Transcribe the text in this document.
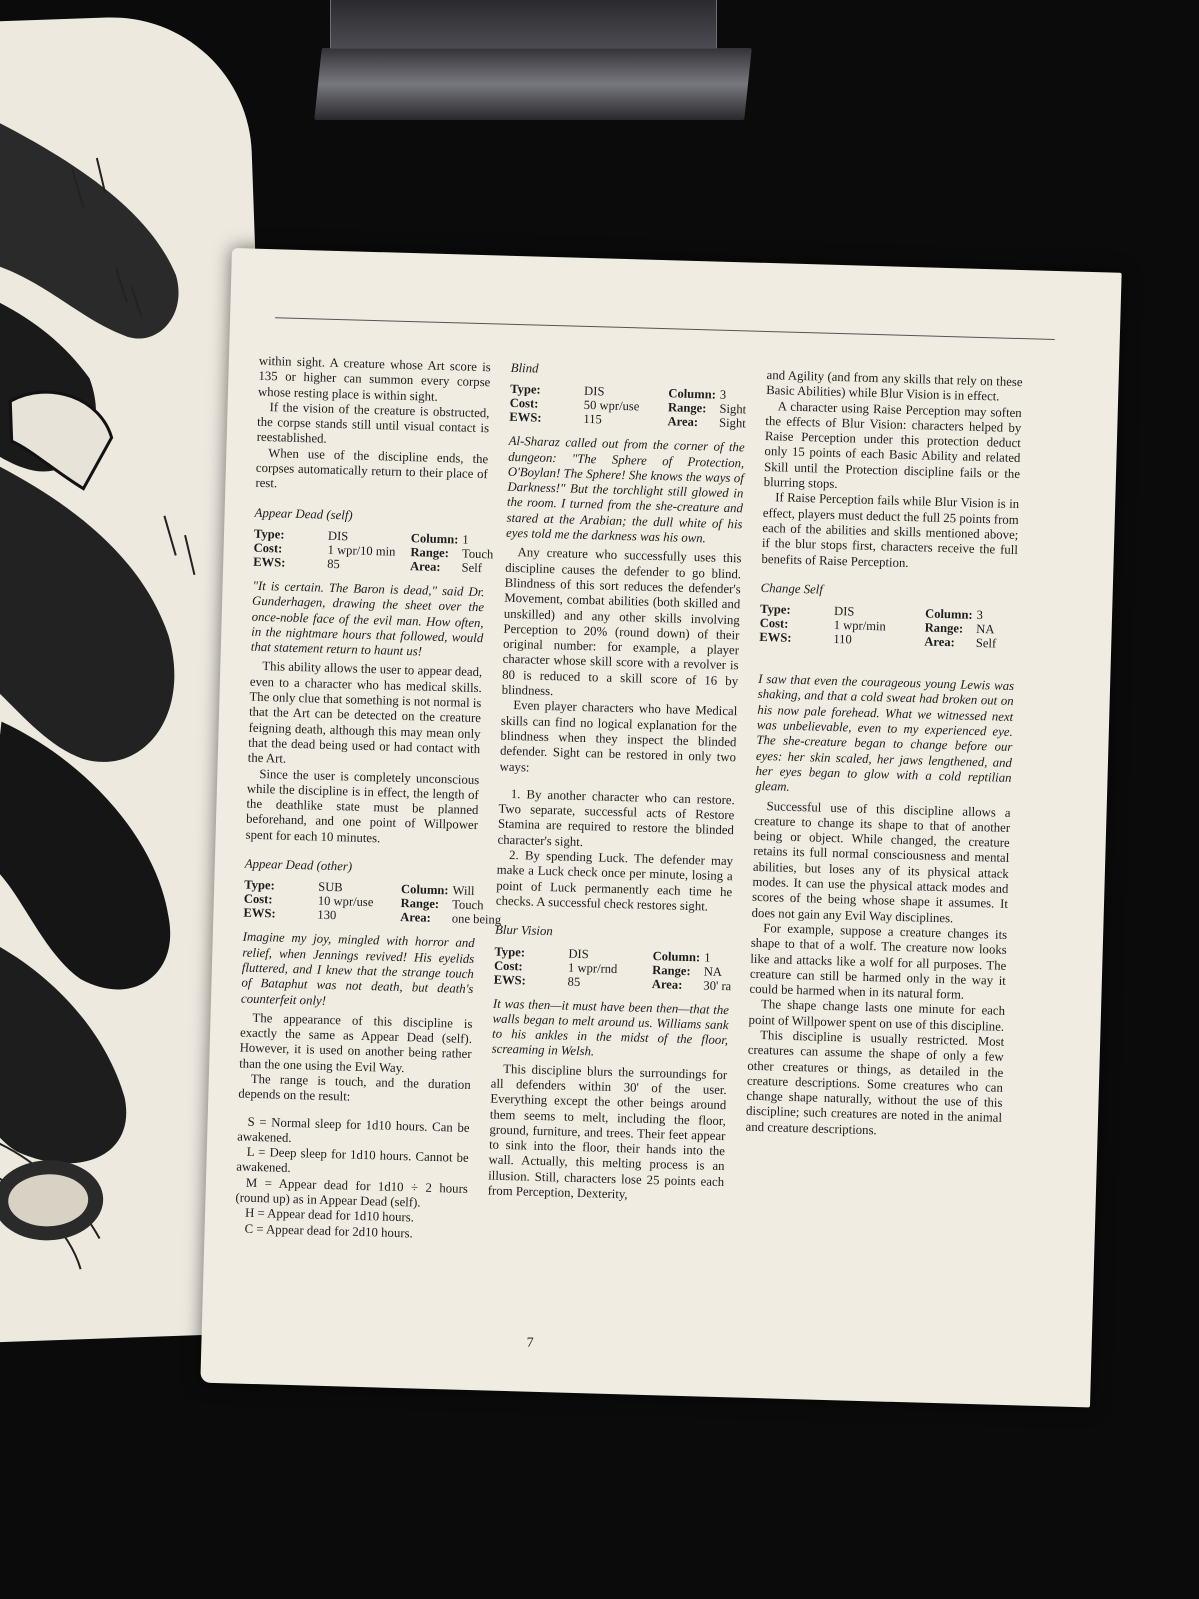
within sight. A creature whose Art score is 135 or higher can summon every corpse whose resting place is within sight.

If the vision of the creature is obstructed, the corpse stands still until visual contact is reestablished.

When use of the discipline ends, the corpses automatically return to their place of rest.

Appear Dead (self)
Type:	DIS	Column: 1
Cost:	1 wpr/10 min	Range:	Touch
EWS:	85	Area:	Self

"It is certain. The Baron is dead," said Dr. Gunderhagen, drawing the sheet over the once-noble face of the evil man. How often, in the nightmare hours that followed, would that statement return to haunt us!

This ability allows the user to appear dead, even to a character who has medical skills. The only clue that something is not normal is that the Art can be detected on the creature feigning death, although this may mean only that the dead being used or had contact with the Art.

Since the user is completely unconscious while the discipline is in effect, the length of the deathlike state must be planned beforehand, and one point of Willpower spent for each 10 minutes.

Appear Dead (other)
Type:	SUB	Column: Will
Cost:	10 wpr/use	Range:	Touch
EWS:	130	Area:	one being

Imagine my joy, mingled with horror and relief, when Jennings revived! His eyelids fluttered, and I knew that the strange touch of Bataphut was not death, but death's counterfeit only!

The appearance of this discipline is exactly the same as Appear Dead (self). However, it is used on another being rather than the one using the Evil Way.

The range is touch, and the duration depends on the result:

S = Normal sleep for 1d10 hours. Can be awakened.

L = Deep sleep for 1d10 hours. Cannot be awakened.

M = Appear dead for 1d10 ÷ 2 hours (round up) as in Appear Dead (self).

H = Appear dead for 1d10 hours.

C = Appear dead for 2d10 hours.

Blind
Type:	DIS	Column: 3
Cost:	50 wpr/use	Range:	Sight
EWS:	115	Area:	Sight

Al-Sharaz called out from the corner of the dungeon: "The Sphere of Protection, O'Boylan! The Sphere! She knows the ways of Darkness!" But the torchlight still glowed in the room. I turned from the she-creature and stared at the Arabian; the dull white of his eyes told me the darkness was his own.

Any creature who successfully uses this discipline causes the defender to go blind. Blindness of this sort reduces the defender's Movement, combat abilities (both skilled and unskilled) and any other skills involving Perception to 20% (round down) of their original number: for example, a player character whose skill score with a revolver is 80 is reduced to a skill score of 16 by blindness.

Even player characters who have Medical skills can find no logical explanation for the blindness when they inspect the blinded defender. Sight can be restored in only two ways:

1. By another character who can restore. Two separate, successful acts of Restore Stamina are required to restore the blinded character's sight.

2. By spending Luck. The defender may make a Luck check once per minute, losing a point of Luck permanently each time he checks. A successful check restores sight.

Blur Vision
Type:	DIS	Column: 1
Cost:	1 wpr/rnd	Range:	NA
EWS:	85	Area:	30' ra

It was then—it must have been then—that the walls began to melt around us. Williams sank to his ankles in the midst of the floor, screaming in Welsh.

This discipline blurs the surroundings for all defenders within 30' of the user. Everything except the other beings around them seems to melt, including the floor, ground, furniture, and trees. Their feet appear to sink into the floor, their hands into the wall. Actually, this melting process is an illusion. Still, characters lose 25 points each from Perception, Dexterity,

and Agility (and from any skills that rely on these Basic Abilities) while Blur Vision is in effect.

A character using Raise Perception may soften the effects of Blur Vision: characters helped by Raise Perception under this protection deduct only 15 points of each Basic Ability and related Skill until the Protection discipline fails or the blurring stops.

If Raise Perception fails while Blur Vision is in effect, players must deduct the full 25 points from each of the abilities and skills mentioned above; if the blur stops first, characters receive the full benefits of Raise Perception.

Change Self
Type:	DIS	Column: 3
Cost:	1 wpr/min	Range:	NA
EWS:	110	Area:	Self

I saw that even the courageous young Lewis was shaking, and that a cold sweat had broken out on his now pale forehead. What we witnessed next was unbelievable, even to my experienced eye. The she-creature began to change before our eyes: her skin scaled, her jaws lengthened, and her eyes began to glow with a cold reptilian gleam.

Successful use of this discipline allows a creature to change its shape to that of another being or object. While changed, the creature retains its full normal consciousness and mental abilities, but loses any of its physical attack modes. It can use the physical attack modes and scores of the being whose shape it assumes. It does not gain any Evil Way disciplines.

For example, suppose a creature changes its shape to that of a wolf. The creature now looks like and attacks like a wolf for all purposes. The creature can still be harmed only in the way it could be harmed when in its natural form.

The shape change lasts one minute for each point of Willpower spent on use of this discipline.

This discipline is usually restricted. Most creatures can assume the shape of only a few other creatures or things, as detailed in the creature descriptions. Some creatures who can change shape naturally, without the use of this discipline; such creatures are noted in the animal and creature descriptions.

7
